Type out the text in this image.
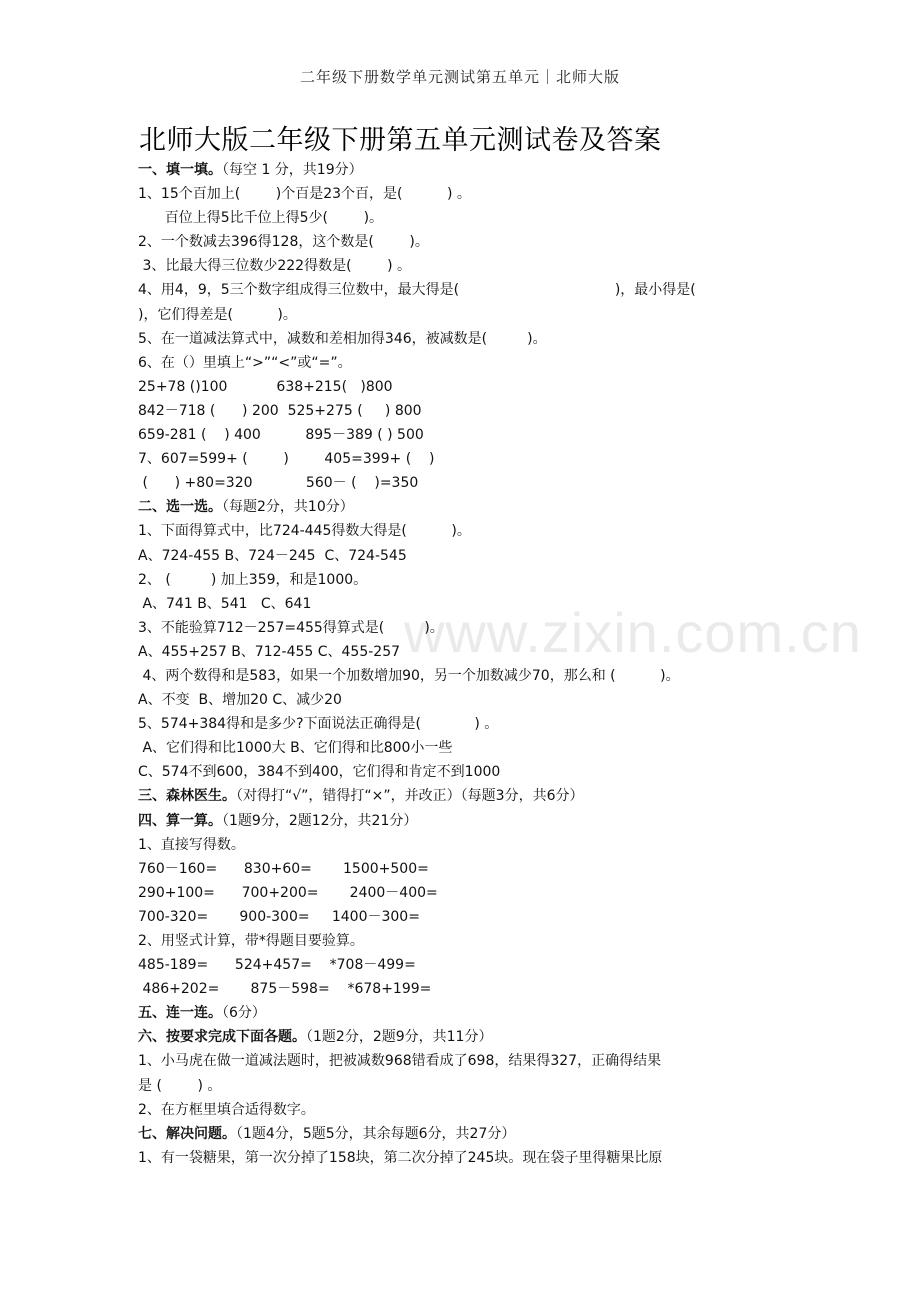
二年级下册数学单元测试第五单元｜北师大版
北师大版二年级下册第五单元测试卷及答案
www.zixin.com.cn
一、填一填。（每空 1 分，共19分）
1、15个百加上(        )个百是23个百，是(          ) 。
百位上得5比千位上得5少(        )。
2、一个数减去396得128，这个数是(        )。
3、比最大得三位数少222得数是(        ) 。
4、用4，9，5三个数字组成得三位数中，最大得是(                                   )，最小得是(
)，它们得差是(          )。
5、在一道减法算式中，减数和差相加得346，被减数是(         )。
6、在（）里填上“>”“<”或“=”。
25+78 ()100           638+215(   )800
842－718 (      ) 200  525+275 (     ) 800
659-281 (    ) 400          895－389 ( ) 500
7、607=599+ (        )        405=399+ (    )
(      ) +80=320            560－ (    )=350
二、选一选。（每题2分，共10分）
1、下面得算式中，比724-445得数大得是(          )。
A、724-455 B、724－245  C、724-545
2、 (         ) 加上359，和是1000。
A、741 B、541   C、641
3、不能验算712－257=455得算式是(         )。
A、455+257 B、712-455 C、455-257
4、两个数得和是583，如果一个加数增加90，另一个加数减少70，那么和 (          )。
A、不变  B、增加20 C、减少20
5、574+384得和是多少?下面说法正确得是(            ) 。
A、它们得和比1000大 B、它们得和比800小一些
C、574不到600，384不到400，它们得和肯定不到1000
三、森林医生。（对得打“√”，错得打“×”，并改正）（每题3分，共6分）
四、算一算。（1题9分，2题12分，共21分）
1、直接写得数。
760－160=      830+60=       1500+500=
290+100=      700+200=       2400－400=
700-320=       900-300=     1400－300=
2、用竖式计算，带*得题目要验算。
485-189=      524+457=    *708－499=
486+202=       875－598=    *678+199=
五、连一连。（6分）
六、按要求完成下面各题。（1题2分，2题9分，共11分）
1、小马虎在做一道减法题时，把被减数968错看成了698，结果得327，正确得结果
是 (        ) 。
2、在方框里填合适得数字。
七、解决问题。（1题4分，5题5分，其余每题6分，共27分）
1、有一袋糖果，第一次分掉了158块，第二次分掉了245块。现在袋子里得糖果比原
